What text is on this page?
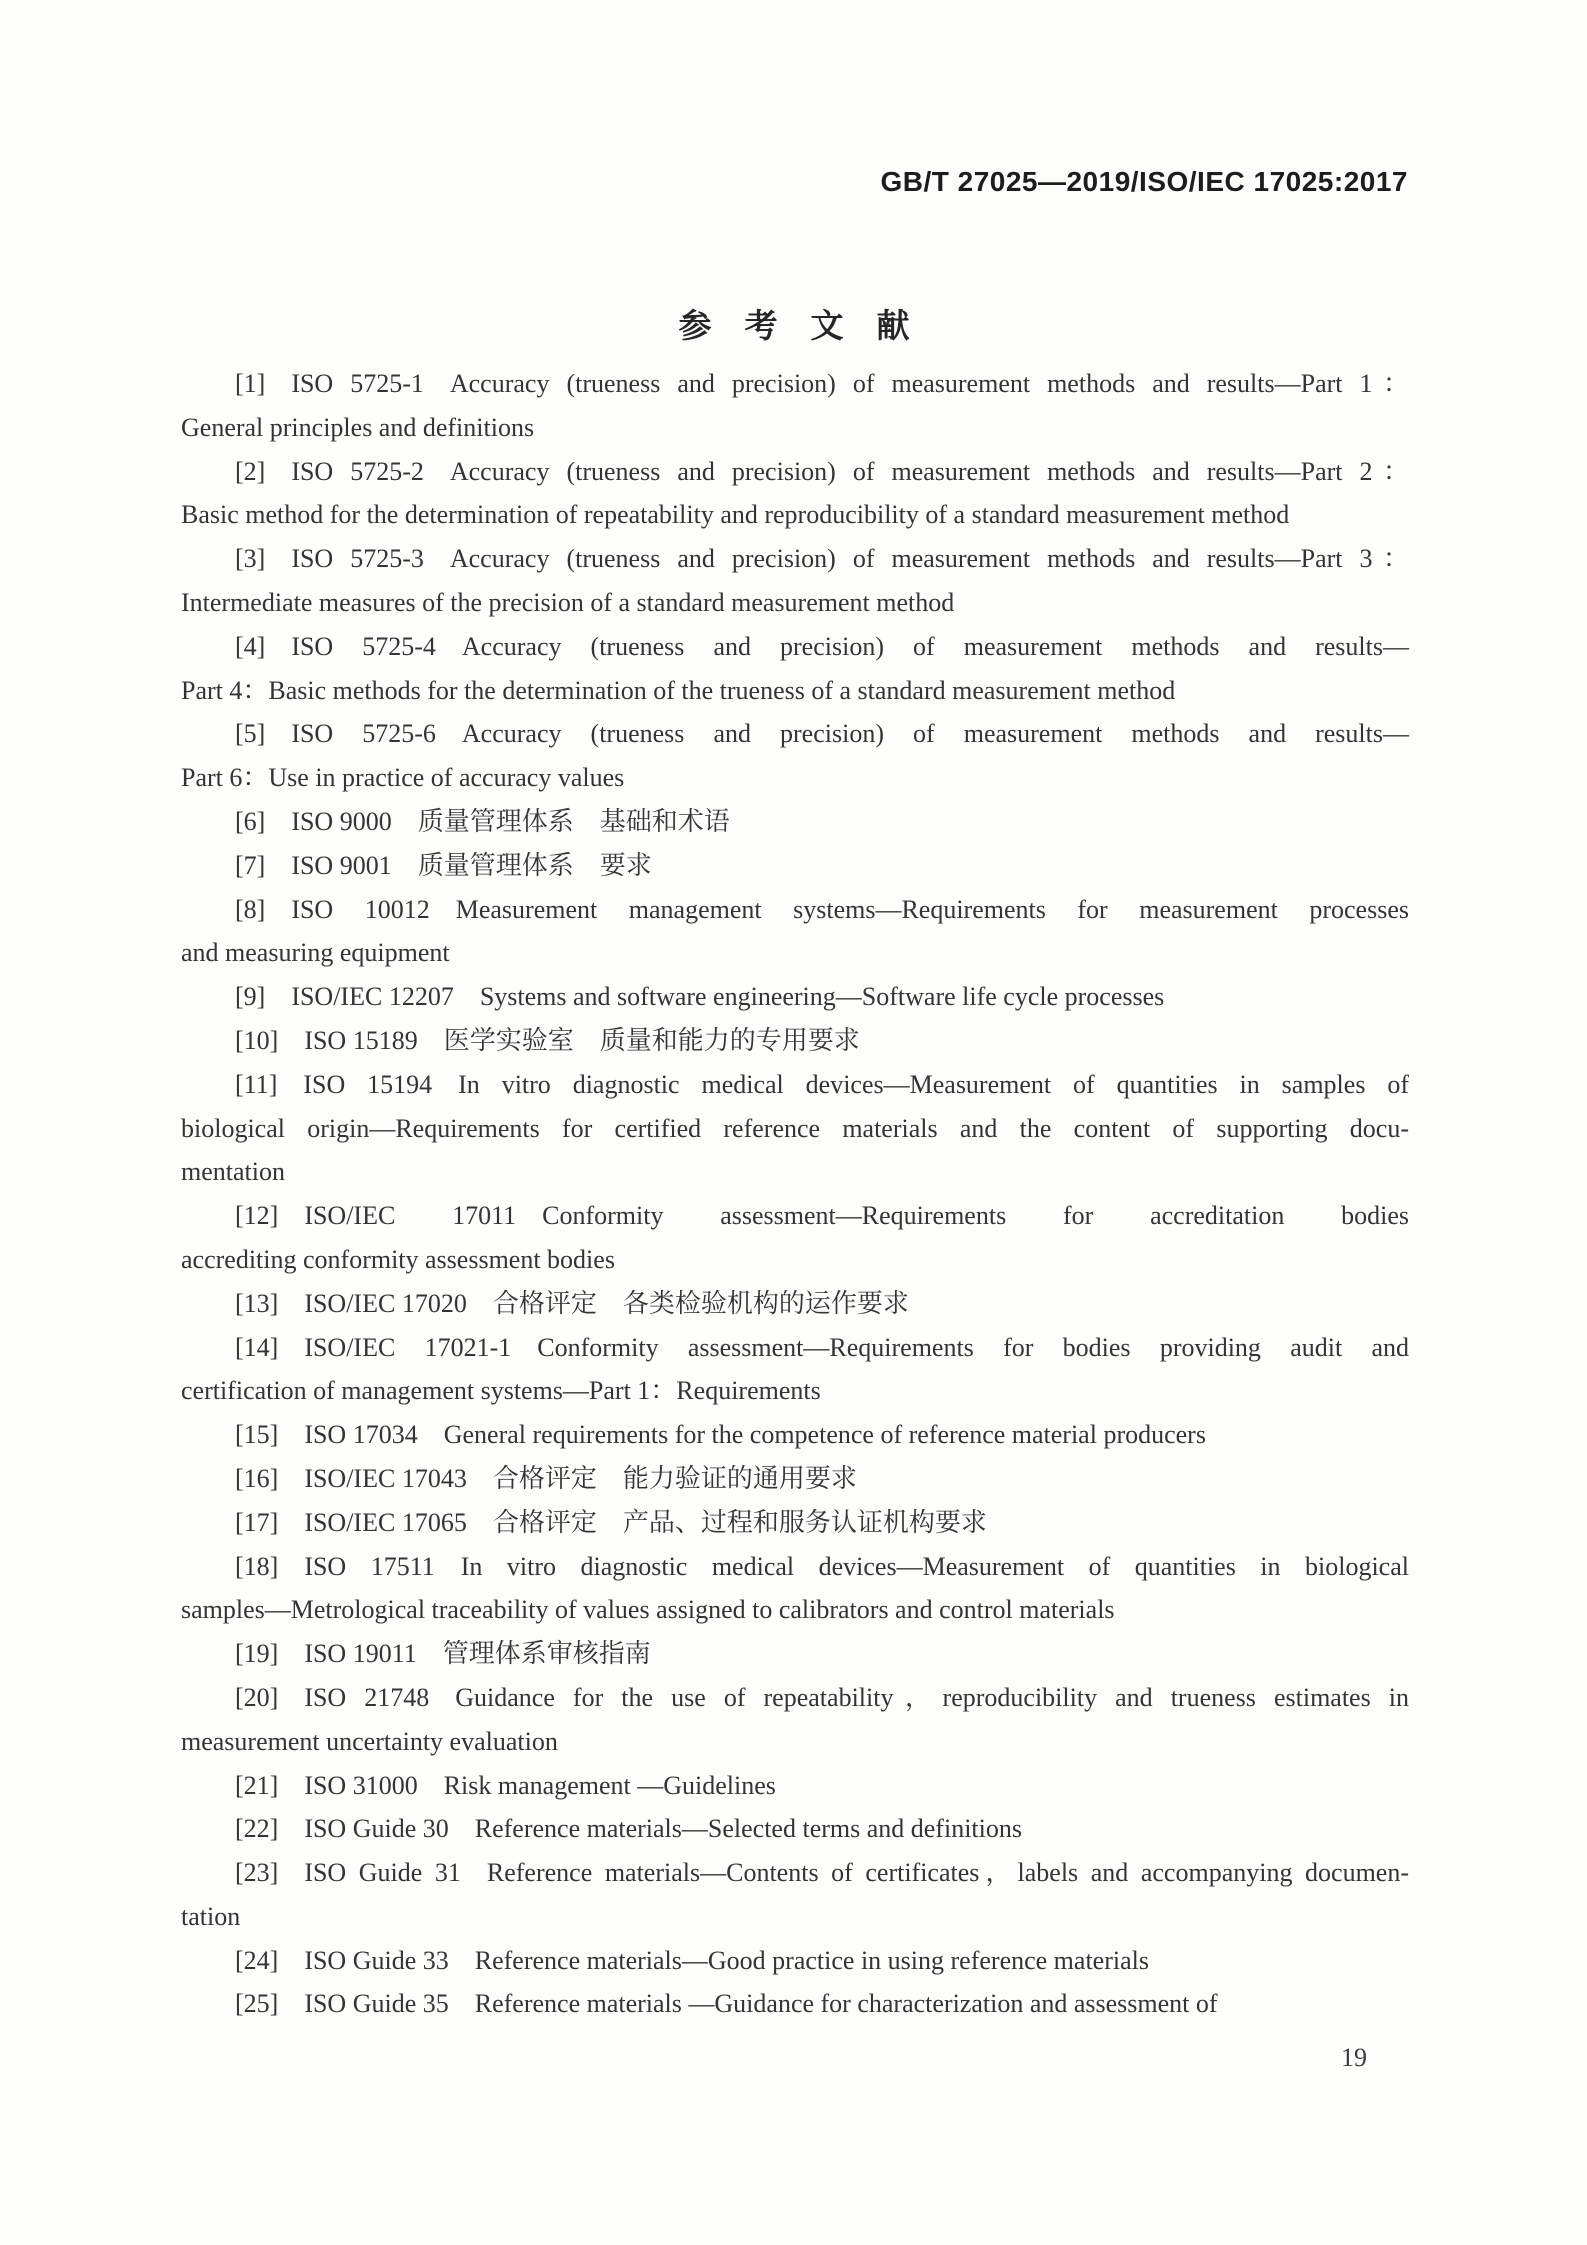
GB/T 27025—2019/ISO/IEC 17025:2017
参　考　文　献
[1] ISO 5725-1 Accuracy (trueness and precision) of measurement methods and results—Part 1：
General principles and definitions
[2] ISO 5725-2 Accuracy (trueness and precision) of measurement methods and results—Part 2：
Basic method for the determination of repeatability and reproducibility of a standard measurement method
[3] ISO 5725-3 Accuracy (trueness and precision) of measurement methods and results—Part 3：
Intermediate measures of the precision of a standard measurement method
[4] ISO 5725-4 Accuracy (trueness and precision) of measurement methods and results—
Part 4：Basic methods for the determination of the trueness of a standard measurement method
[5] ISO 5725-6 Accuracy (trueness and precision) of measurement methods and results—
Part 6：Use in practice of accuracy values
[6] ISO 9000 质量管理体系　基础和术语
[7] ISO 9001 质量管理体系　要求
[8] ISO 10012 Measurement management systems—Requirements for measurement processes
and measuring equipment
[9] ISO/IEC 12207 Systems and software engineering—Software life cycle processes
[10] ISO 15189 医学实验室　质量和能力的专用要求
[11] ISO 15194 In vitro diagnostic medical devices—Measurement of quantities in samples of
biological origin—Requirements for certified reference materials and the content of supporting docu-
mentation
[12] ISO/IEC 17011 Conformity assessment—Requirements for accreditation bodies
accrediting conformity assessment bodies
[13] ISO/IEC 17020 合格评定　各类检验机构的运作要求
[14] ISO/IEC 17021-1 Conformity assessment—Requirements for bodies providing audit and
certification of management systems—Part 1：Requirements
[15] ISO 17034 General requirements for the competence of reference material producers
[16] ISO/IEC 17043 合格评定　能力验证的通用要求
[17] ISO/IEC 17065 合格评定　产品、过程和服务认证机构要求
[18] ISO 17511 In vitro diagnostic medical devices—Measurement of quantities in biological
samples—Metrological traceability of values assigned to calibrators and control materials
[19] ISO 19011 管理体系审核指南
[20] ISO 21748 Guidance for the use of repeatability，reproducibility and trueness estimates in
measurement uncertainty evaluation
[21] ISO 31000 Risk management —Guidelines
[22] ISO Guide 30 Reference materials—Selected terms and definitions
[23] ISO Guide 31 Reference materials—Contents of certificates，labels and accompanying documen-
tation
[24] ISO Guide 33 Reference materials—Good practice in using reference materials
[25] ISO Guide 35 Reference materials —Guidance for characterization and assessment of
19
